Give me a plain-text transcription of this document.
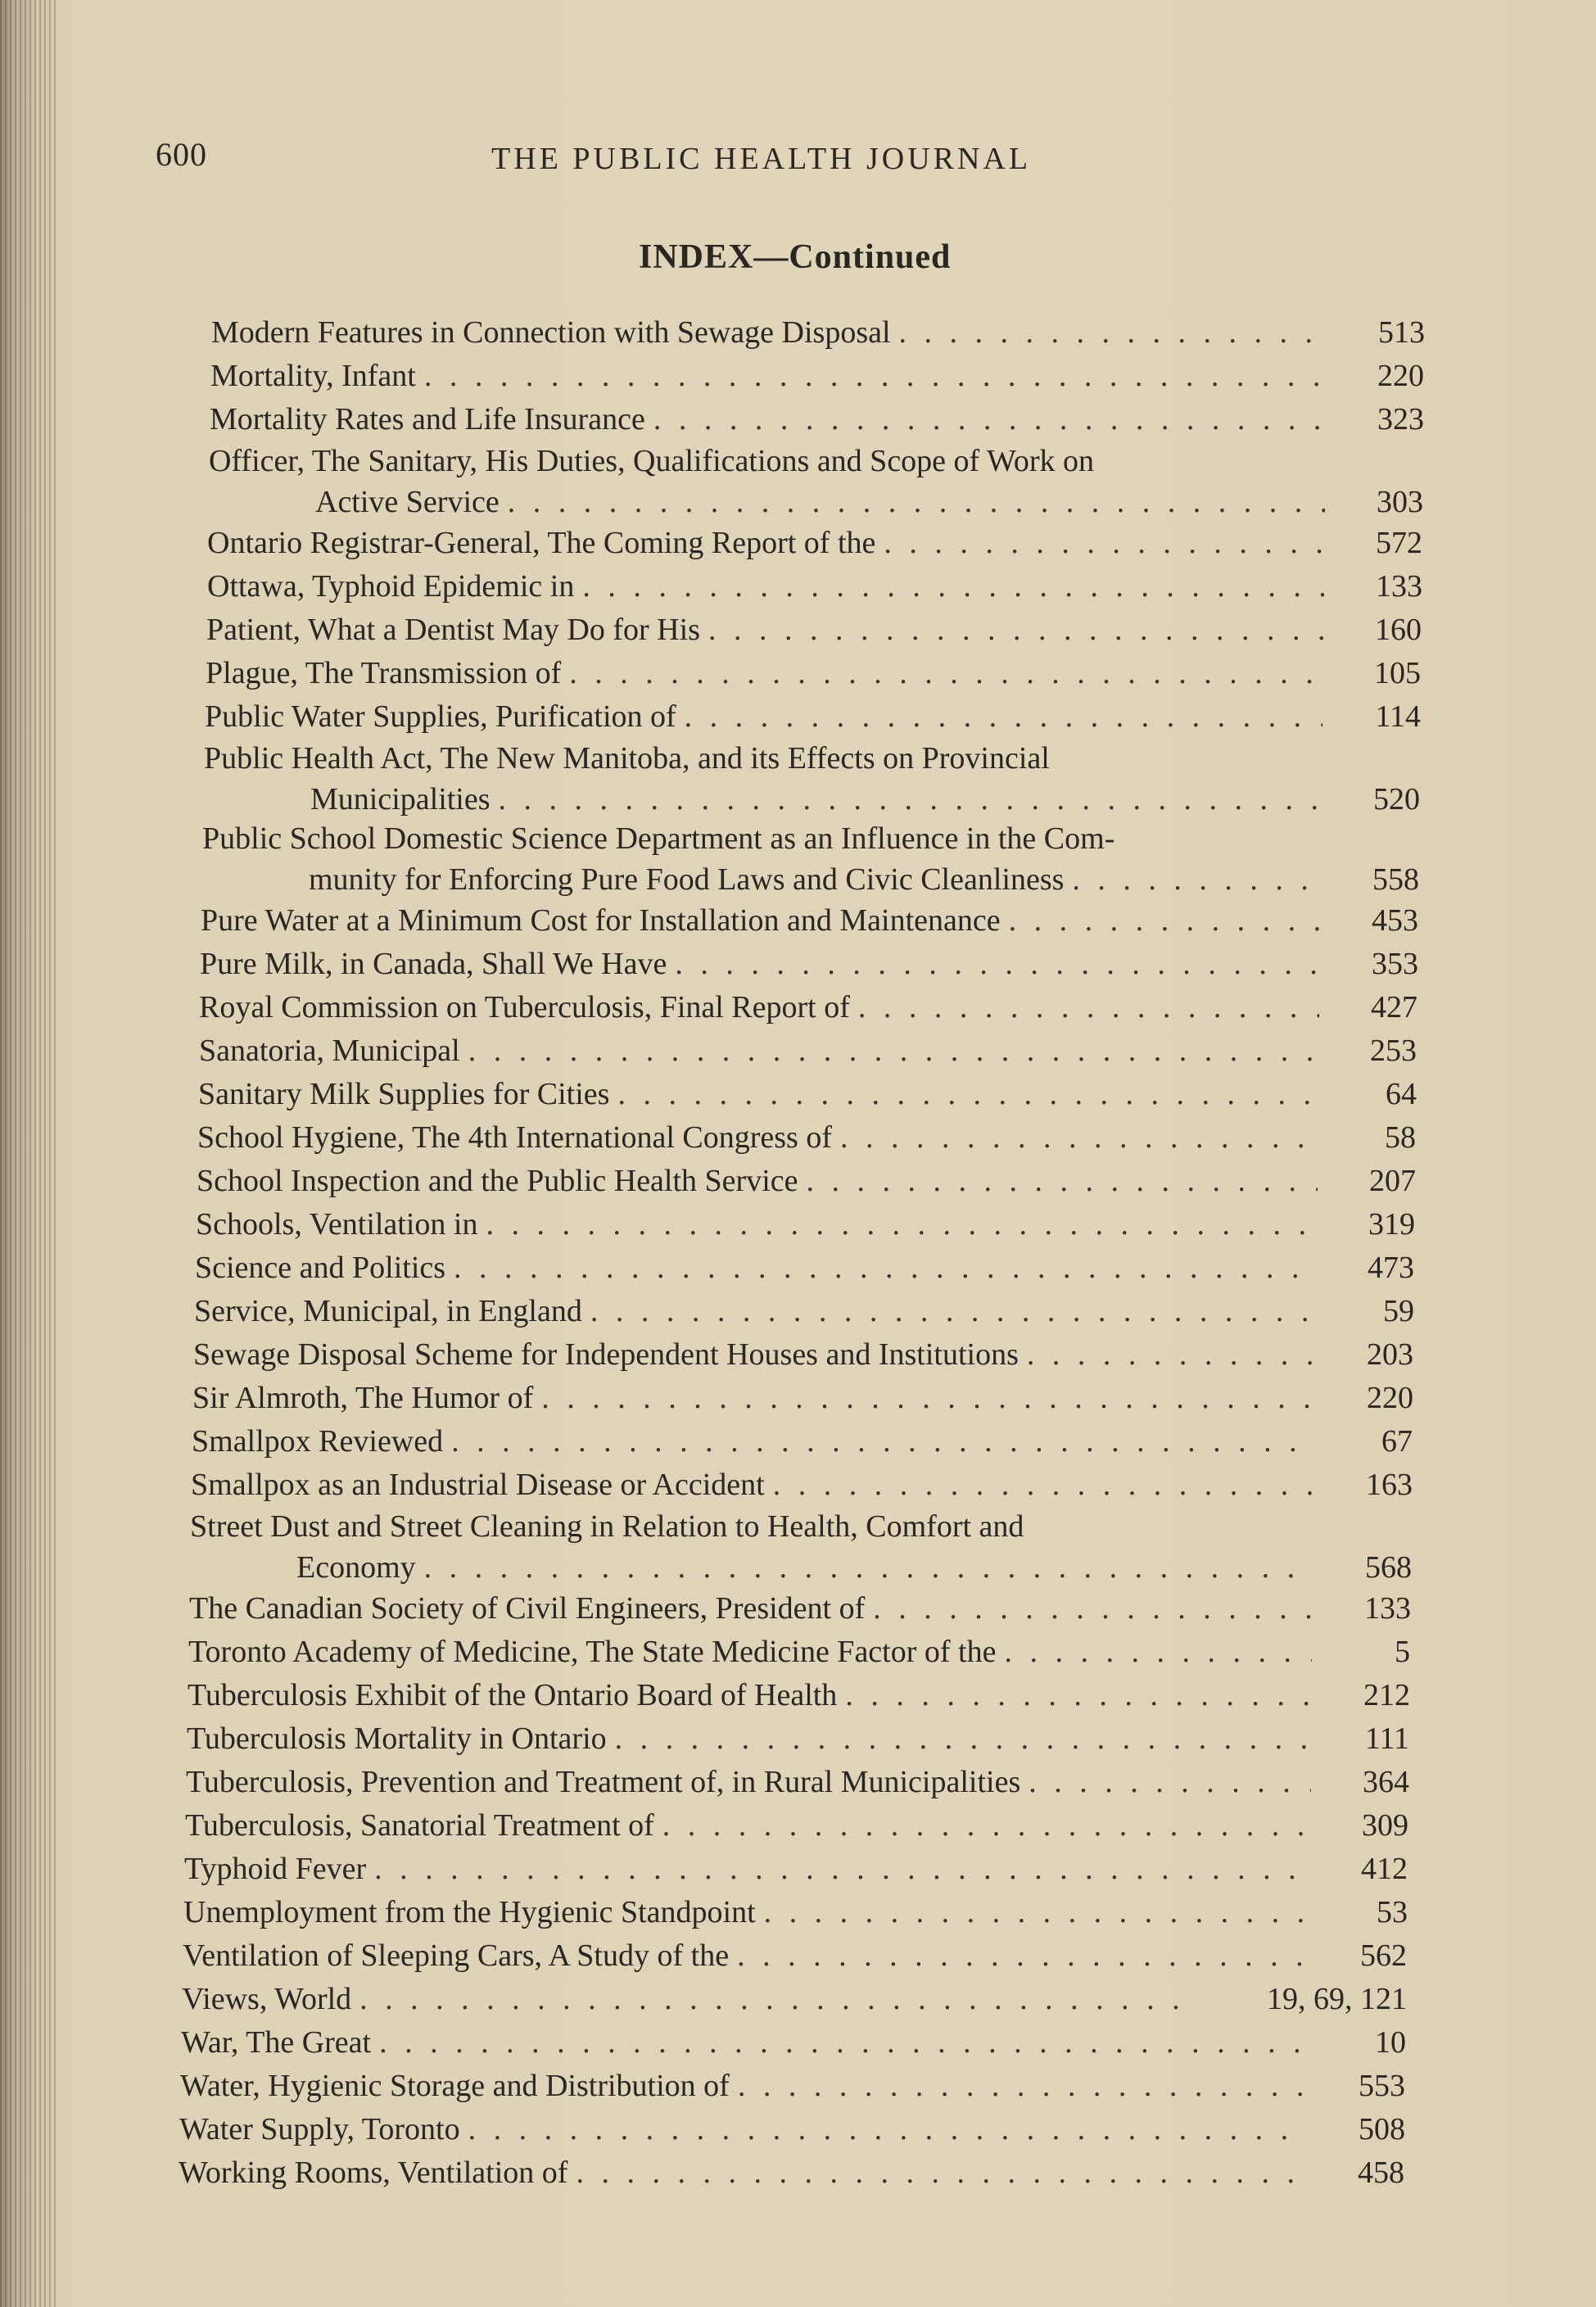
600	THE PUBLIC HEALTH JOURNAL
INDEX—Continued
Modern Features in Connection with Sewage Disposal . . .	513
Mortality, Infant . . .	220
Mortality Rates and Life Insurance . . .	323
Officer, The Sanitary, His Duties, Qualifications and Scope of Work on
Active Service . . .	303
Ontario Registrar-General, The Coming Report of the . . .	572
Ottawa, Typhoid Epidemic in . . .	133
Patient, What a Dentist May Do for His . . .	160
Plague, The Transmission of . . .	105
Public Water Supplies, Purification of . . .	114
Public Health Act, The New Manitoba, and its Effects on Provincial
Municipalities . . .	520
Public School Domestic Science Department as an Influence in the Com-
munity for Enforcing Pure Food Laws and Civic Cleanliness . . .	558
Pure Water at a Minimum Cost for Installation and Maintenance . . .	453
Pure Milk, in Canada, Shall We Have . . .	353
Royal Commission on Tuberculosis, Final Report of . . .	427
Sanatoria, Municipal . . .	253
Sanitary Milk Supplies for Cities . . .	64
School Hygiene, The 4th International Congress of . . .	58
School Inspection and the Public Health Service . . .	207
Schools, Ventilation in . . .	319
Science and Politics . . .	473
Service, Municipal, in England . . .	59
Sewage Disposal Scheme for Independent Houses and Institutions . . .	203
Sir Almroth, The Humor of . . .	220
Smallpox Reviewed . . .	67
Smallpox as an Industrial Disease or Accident . . .	163
Street Dust and Street Cleaning in Relation to Health, Comfort and
Economy . . .	568
The Canadian Society of Civil Engineers, President of . . .	133
Toronto Academy of Medicine, The State Medicine Factor of the . . .	5
Tuberculosis Exhibit of the Ontario Board of Health . . .	212
Tuberculosis Mortality in Ontario . . .	111
Tuberculosis, Prevention and Treatment of, in Rural Municipalities . . .	364
Tuberculosis, Sanatorial Treatment of . . .	309
Typhoid Fever . . .	412
Unemployment from the Hygienic Standpoint . . .	53
Ventilation of Sleeping Cars, A Study of the . . .	562
Views, World . . .	19, 69, 121
War, The Great . . .	10
Water, Hygienic Storage and Distribution of . . .	553
Water Supply, Toronto . . .	508
Working Rooms, Ventilation of . . .	458
